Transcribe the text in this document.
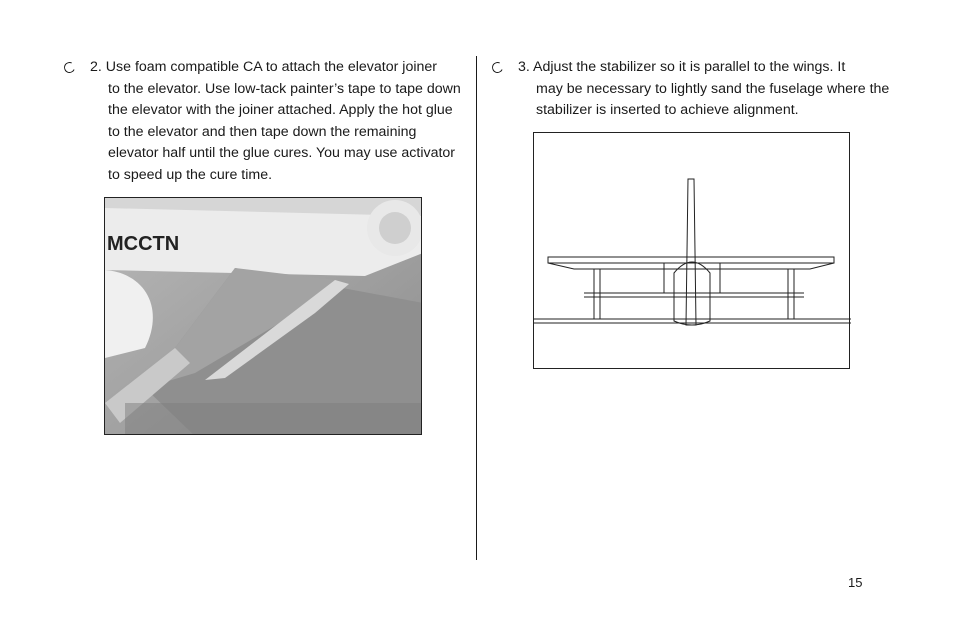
2. Use foam compatible CA to attach the elevator joiner
to the elevator. Use low-tack painter’s tape to tape down the elevator with the joiner attached. Apply the hot glue to the elevator and then tape down the remaining elevator half until the glue cures. You may use activator to speed up the cure time.
3. Adjust the stabilizer so it is parallel to the wings. It
may be necessary to lightly sand the fuselage where the stabilizer is inserted to achieve alignment.
MCCTN
15
